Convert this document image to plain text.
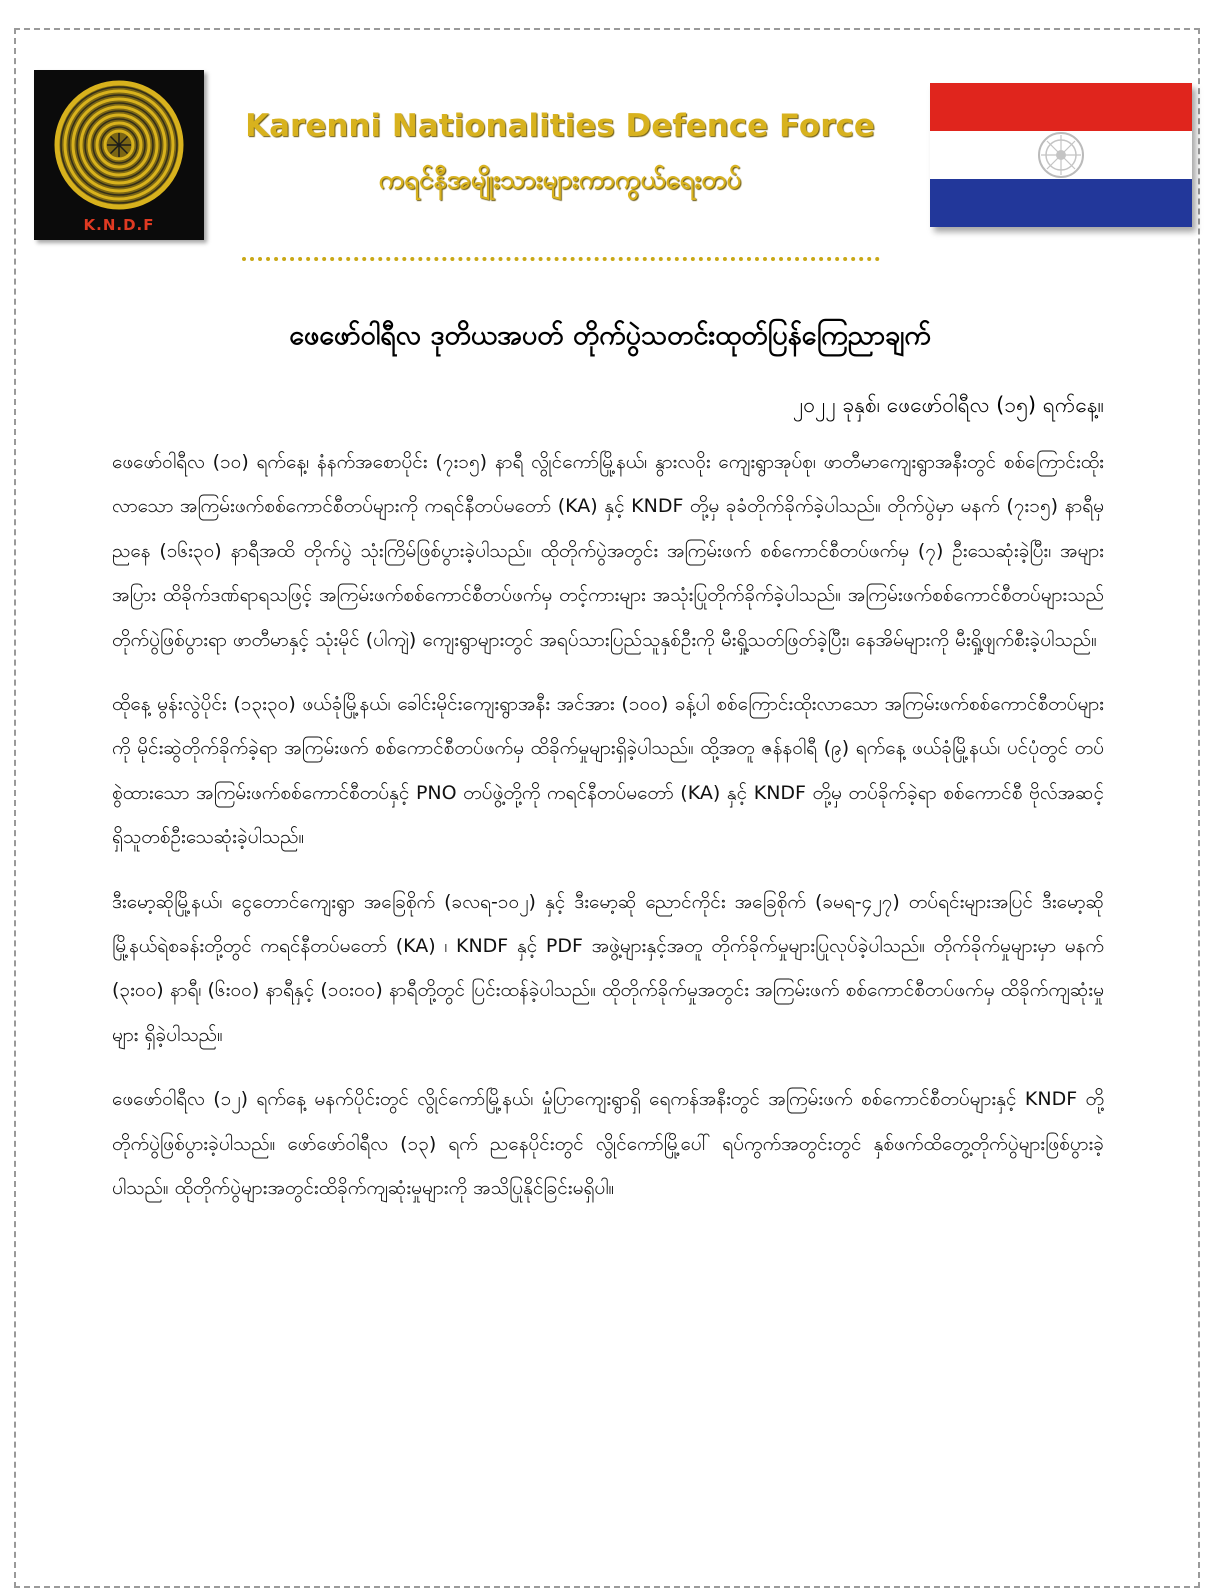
K.N.D.F
Karenni Nationalities Defence Force
ကရင်နီအမျိုးသားများကာကွယ်ရေးတပ်
ဖေဖော်ဝါရီလ ဒုတိယအပတ် တိုက်ပွဲသတင်းထုတ်ပြန်ကြေညာချက်
၂၀၂၂ ခုနှစ်၊ ဖေဖော်ဝါရီလ (၁၅) ရက်နေ့။

ဖေဖော်ဝါရီလ (၁၀) ရက်နေ့၊ နံနက်အစောပိုင်း (၇း၁၅) နာရီ လွိုင်ကော်မြို့နယ်၊ နွားလဝိုး ကျေးရွာအုပ်စု၊ ဖာတီမာကျေးရွာအနီးတွင် စစ်ကြောင်းထိုးလာသော အကြမ်းဖက်စစ်ကောင်စီတပ်များကို ကရင်နီတပ်မတော် (KA) နှင့် KNDF တို့မှ ခုခံတိုက်ခိုက်ခဲ့ပါသည်။ တိုက်ပွဲမှာ မနက် (၇း၁၅) နာရီမှ ညနေ (၁၆း၃၀) နာရီအထိ တိုက်ပွဲ သုံးကြိမ်ဖြစ်ပွားခဲ့ပါသည်။ ထိုတိုက်ပွဲအတွင်း အကြမ်းဖက် စစ်ကောင်စီတပ်ဖက်မှ (၇) ဦးသေဆုံးခဲ့ပြီး၊ အများအပြား ထိခိုက်ဒဏ်ရာရသဖြင့် အကြမ်းဖက်စစ်ကောင်စီတပ်ဖက်မှ တင့်ကားများ အသုံးပြုတိုက်ခိုက်ခဲ့ပါသည်။ အကြမ်းဖက်စစ်ကောင်စီတပ်များသည် တိုက်ပွဲဖြစ်ပွားရာ ဖာတီမာနှင့် သုံးမိုင် (ပါကျဲ) ကျေးရွာများတွင် အရပ်သားပြည်သူနှစ်ဦးကို မီးရှို့သတ်ဖြတ်ခဲ့ပြီး၊ နေအိမ်များကို မီးရှို့ဖျက်စီးခဲ့ပါသည်။

ထိုနေ့ မွန်းလွဲပိုင်း (၁၃း၃၀) ဖယ်ခုံမြို့နယ်၊ ခေါင်းမိုင်းကျေးရွာအနီး အင်အား (၁၀၀) ခန့်ပါ စစ်ကြောင်းထိုးလာသော အကြမ်းဖက်စစ်ကောင်စီတပ်များကို မိုင်းဆွဲတိုက်ခိုက်ခဲ့ရာ အကြမ်းဖက် စစ်ကောင်စီတပ်ဖက်မှ ထိခိုက်မှုများရှိခဲ့ပါသည်။ ထို့အတူ ဇန်နဝါရီ (၉) ရက်နေ့ ဖယ်ခုံမြို့နယ်၊ ပင်ပုံတွင် တပ်စွဲထားသော အကြမ်းဖက်စစ်ကောင်စီတပ်နှင့် PNO တပ်ဖွဲ့တို့ကို ကရင်နီတပ်မတော် (KA) နှင့် KNDF တို့မှ တပ်ခိုက်ခဲ့ရာ စစ်ကောင်စီ ဗိုလ်အဆင့်ရှိသူတစ်ဦးသေဆုံးခဲ့ပါသည်။

ဒီးမော့ဆိုမြို့နယ်၊ ငွေတောင်ကျေးရွာ အခြေစိုက် (ခလရ-၁၀၂) နှင့် ဒီးမော့ဆို ညောင်ကိုင်း အခြေစိုက် (ခမရ-၄၂၇) တပ်ရင်းများအပြင် ဒီးမော့ဆိုမြို့နယ်ရဲစခန်းတို့တွင် ကရင်နီတပ်မတော် (KA) ၊ KNDF နှင့် PDF အဖွဲ့များနှင့်အတူ တိုက်ခိုက်မှုများပြုလုပ်ခဲ့ပါသည်။ တိုက်ခိုက်မှုများမှာ မနက် (၃း၀၀) နာရီ၊ (၆း၀၀) နာရီနှင့် (၁၀း၀၀) နာရီတို့တွင် ပြင်းထန်ခဲ့ပါသည်။ ထိုတိုက်ခိုက်မှုအတွင်း အကြမ်းဖက် စစ်ကောင်စီတပ်ဖက်မှ ထိခိုက်ကျဆုံးမှုများ ရှိခဲ့ပါသည်။

ဖေဖော်ဝါရီလ (၁၂) ရက်နေ့ မနက်ပိုင်းတွင် လွိုင်ကော်မြို့နယ်၊ မှုံပြာကျေးရွာရှိ ရေကန်အနီးတွင် အကြမ်းဖက် စစ်ကောင်စီတပ်များနှင့် KNDF တို့ တိုက်ပွဲဖြစ်ပွားခဲ့ပါသည်။ ဖော်ဖော်ဝါရီလ (၁၃) ရက် ညနေပိုင်းတွင် လွိုင်ကော်မြို့ပေါ် ရပ်ကွက်အတွင်းတွင် နှစ်ဖက်ထိတွေ့တိုက်ပွဲများဖြစ်ပွားခဲ့ပါသည်။ ထိုတိုက်ပွဲများအတွင်းထိခိုက်ကျဆုံးမှုများကို အသိပြုနိုင်ခြင်းမရှိပါ။
